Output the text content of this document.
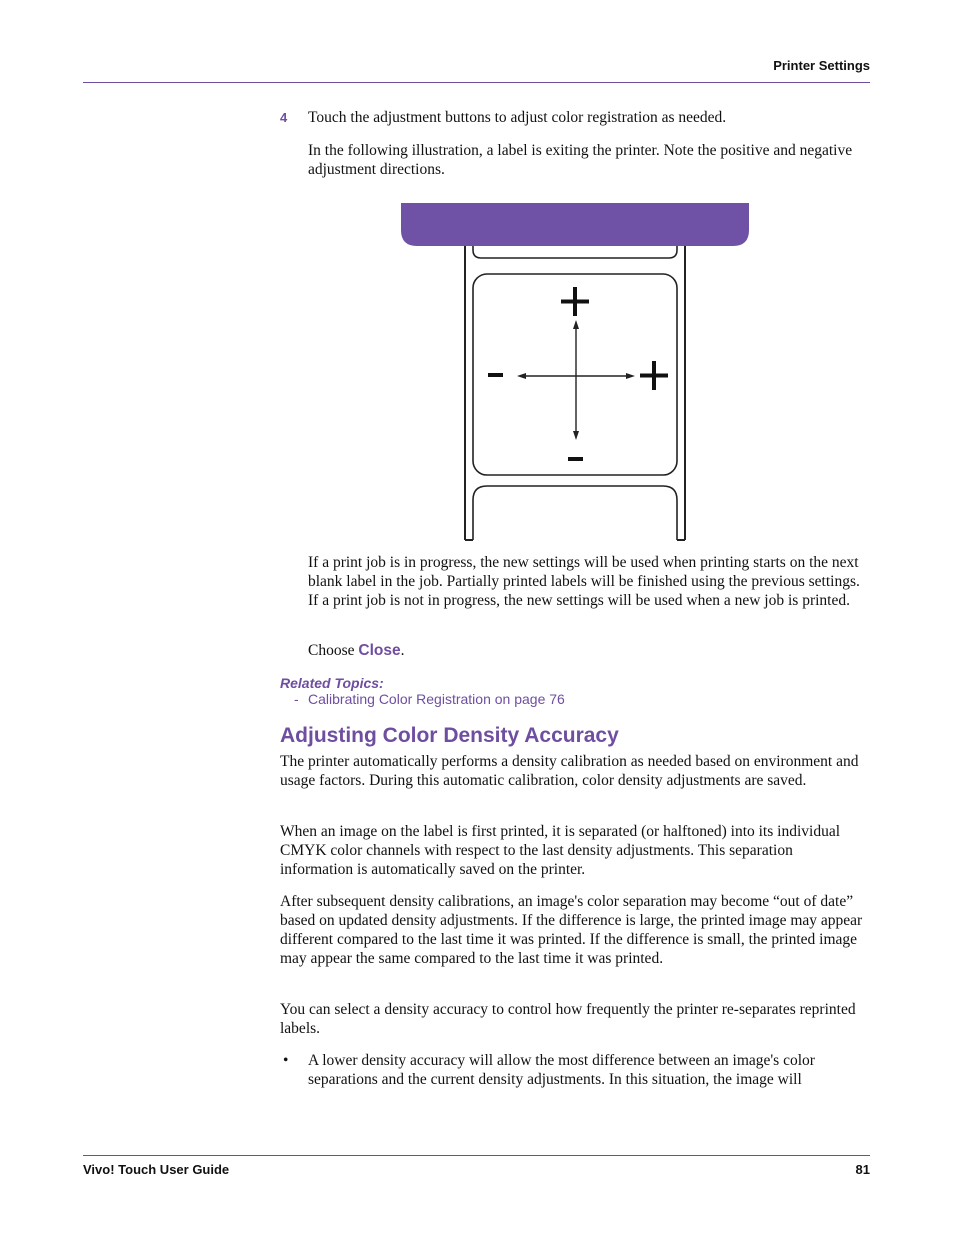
Printer Settings
4 Touch the adjustment buttons to adjust color registration as needed.

In the following illustration, a label is exiting the printer. Note the positive and negative adjustment directions.

If a print job is in progress, the new settings will be used when printing starts on the next blank label in the job. Partially printed labels will be finished using the previous settings. If a print job is not in progress, the new settings will be used when a new job is printed.

Choose Close.

Related Topics:
- Calibrating Color Registration on page 76
Adjusting Color Density Accuracy

The printer automatically performs a density calibration as needed based on environment and usage factors. During this automatic calibration, color density adjustments are saved.

When an image on the label is first printed, it is separated (or halftoned) into its individual CMYK color channels with respect to the last density adjustments. This separation information is automatically saved on the printer.

After subsequent density calibrations, an image's color separation may become “out of date” based on updated density adjustments. If the difference is large, the printed image may appear different compared to the last time it was printed. If the difference is small, the printed image may appear the same compared to the last time it was printed.

You can select a density accuracy to control how frequently the printer re-separates reprinted labels.

• A lower density accuracy will allow the most difference between an image's color separations and the current density adjustments. In this situation, the image will

Vivo! Touch User Guide	81
